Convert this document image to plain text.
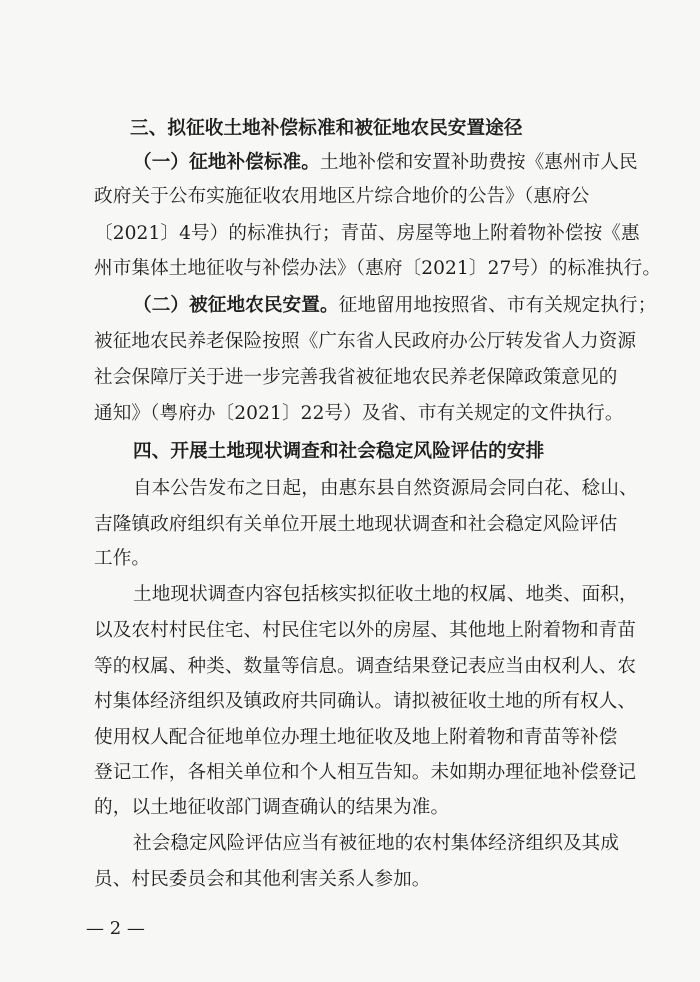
三、拟征收土地补偿标准和被征地农民安置途径
（一）征地补偿标准。土地补偿和安置补助费按《惠州市人民
政府关于公布实施征收农用地区片综合地价的公告》（惠府公
〔2021〕4号）的标准执行；青苗、房屋等地上附着物补偿按《惠
州市集体土地征收与补偿办法》（惠府〔2021〕27号）的标准执行。
（二）被征地农民安置。征地留用地按照省、市有关规定执行；
被征地农民养老保险按照《广东省人民政府办公厅转发省人力资源
社会保障厅关于进一步完善我省被征地农民养老保障政策意见的
通知》（粤府办〔2021〕22号）及省、市有关规定的文件执行。
四、开展土地现状调查和社会稳定风险评估的安排
自本公告发布之日起，由惠东县自然资源局会同白花、稔山、
吉隆镇政府组织有关单位开展土地现状调查和社会稳定风险评估
工作。
土地现状调查内容包括核实拟征收土地的权属、地类、面积，
以及农村村民住宅、村民住宅以外的房屋、其他地上附着物和青苗
等的权属、种类、数量等信息。调查结果登记表应当由权利人、农
村集体经济组织及镇政府共同确认。请拟被征收土地的所有权人、
使用权人配合征地单位办理土地征收及地上附着物和青苗等补偿
登记工作，各相关单位和个人相互告知。未如期办理征地补偿登记
的，以土地征收部门调查确认的结果为准。
社会稳定风险评估应当有被征地的农村集体经济组织及其成
员、村民委员会和其他利害关系人参加。
— 2 —
